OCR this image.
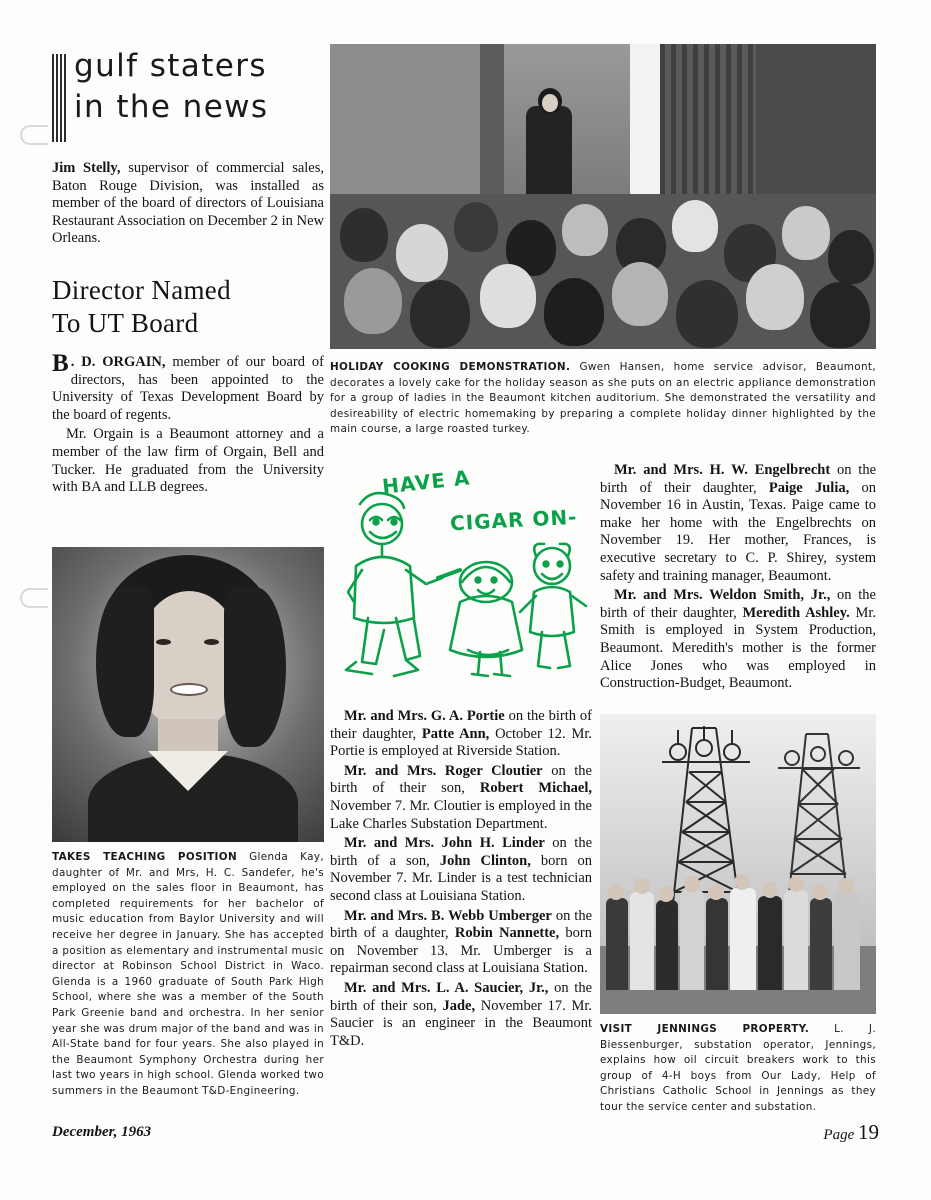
gulf staters
in the news

Jim Stelly, supervisor of commercial sales, Baton Rouge Division, was installed as member of the board of directors of Louisiana Restaurant Association on December 2 in New Orleans.

Director Named
To UT Board

B . D. ORGAIN, member of our board of directors, has been appointed to the University of Texas Development Board by the board of regents.

Mr. Orgain is a Beaumont attorney and a member of the law firm of Orgain, Bell and Tucker. He graduated from the University with BA and LLB degrees.

TAKES TEACHING POSITION Glenda Kay, daughter of Mr. and Mrs, H. C. Sandefer, he's employed on the sales floor in Beaumont, has completed requirements for her bachelor of music education from Baylor University and will receive her degree in January. She has accepted a position as elementary and instrumental music director at Robinson School District in Waco. Glenda is a 1960 graduate of South Park High School, where she was a member of the South Park Greenie band and orchestra. In her senior year she was drum major of the band and was in All-State band for four years. She also played in the Beaumont Symphony Orchestra during her last two years in high school. Glenda worked two summers in the Beaumont T&D-Engineering.
HOLIDAY COOKING DEMONSTRATION. Gwen Hansen, home service advisor, Beaumont, decorates a lovely cake for the holiday season as she puts on an electric appliance demonstration for a group of ladies in the Beaumont kitchen auditorium. She demonstrated the versatility and desireability of electric homemaking by preparing a complete holiday dinner highlighted by the main course, a large roasted turkey.
HAVE A
CIGAR ON-

Mr. and Mrs. G. A. Portie on the birth of their daughter, Patte Ann, October 12. Mr. Portie is employed at Riverside Station.

Mr. and Mrs. Roger Cloutier on the birth of their son, Robert Michael, November 7. Mr. Cloutier is employed in the Lake Charles Substation Department.

Mr. and Mrs. John H. Linder on the birth of a son, John Clinton, born on November 7. Mr. Linder is a test technician second class at Louisiana Station.

Mr. and Mrs. B. Webb Umberger on the birth of a daughter, Robin Nannette, born on November 13. Mr. Umberger is a repairman second class at Louisiana Station.

Mr. and Mrs. L. A. Saucier, Jr., on the birth of their son, Jade, November 17. Mr. Saucier is an engineer in the Beaumont T&D.

Mr. and Mrs. H. W. Engelbrecht on the birth of their daughter, Paige Julia, on November 16 in Austin, Texas. Paige came to make her home with the Engelbrechts on November 19. Her mother, Frances, is executive secretary to C. P. Shirey, system safety and training manager, Beaumont.

Mr. and Mrs. Weldon Smith, Jr., on the birth of their daughter, Meredith Ashley. Mr. Smith is employed in System Production, Beaumont. Meredith's mother is the former Alice Jones who was employed in Construction-Budget, Beaumont.

VISIT JENNINGS PROPERTY. L. J. Biessenburger, substation operator, Jennings, explains how oil circuit breakers work to this group of 4-H boys from Our Lady, Help of Christians Catholic School in Jennings as they tour the service center and substation.
December, 1963	Page 19
